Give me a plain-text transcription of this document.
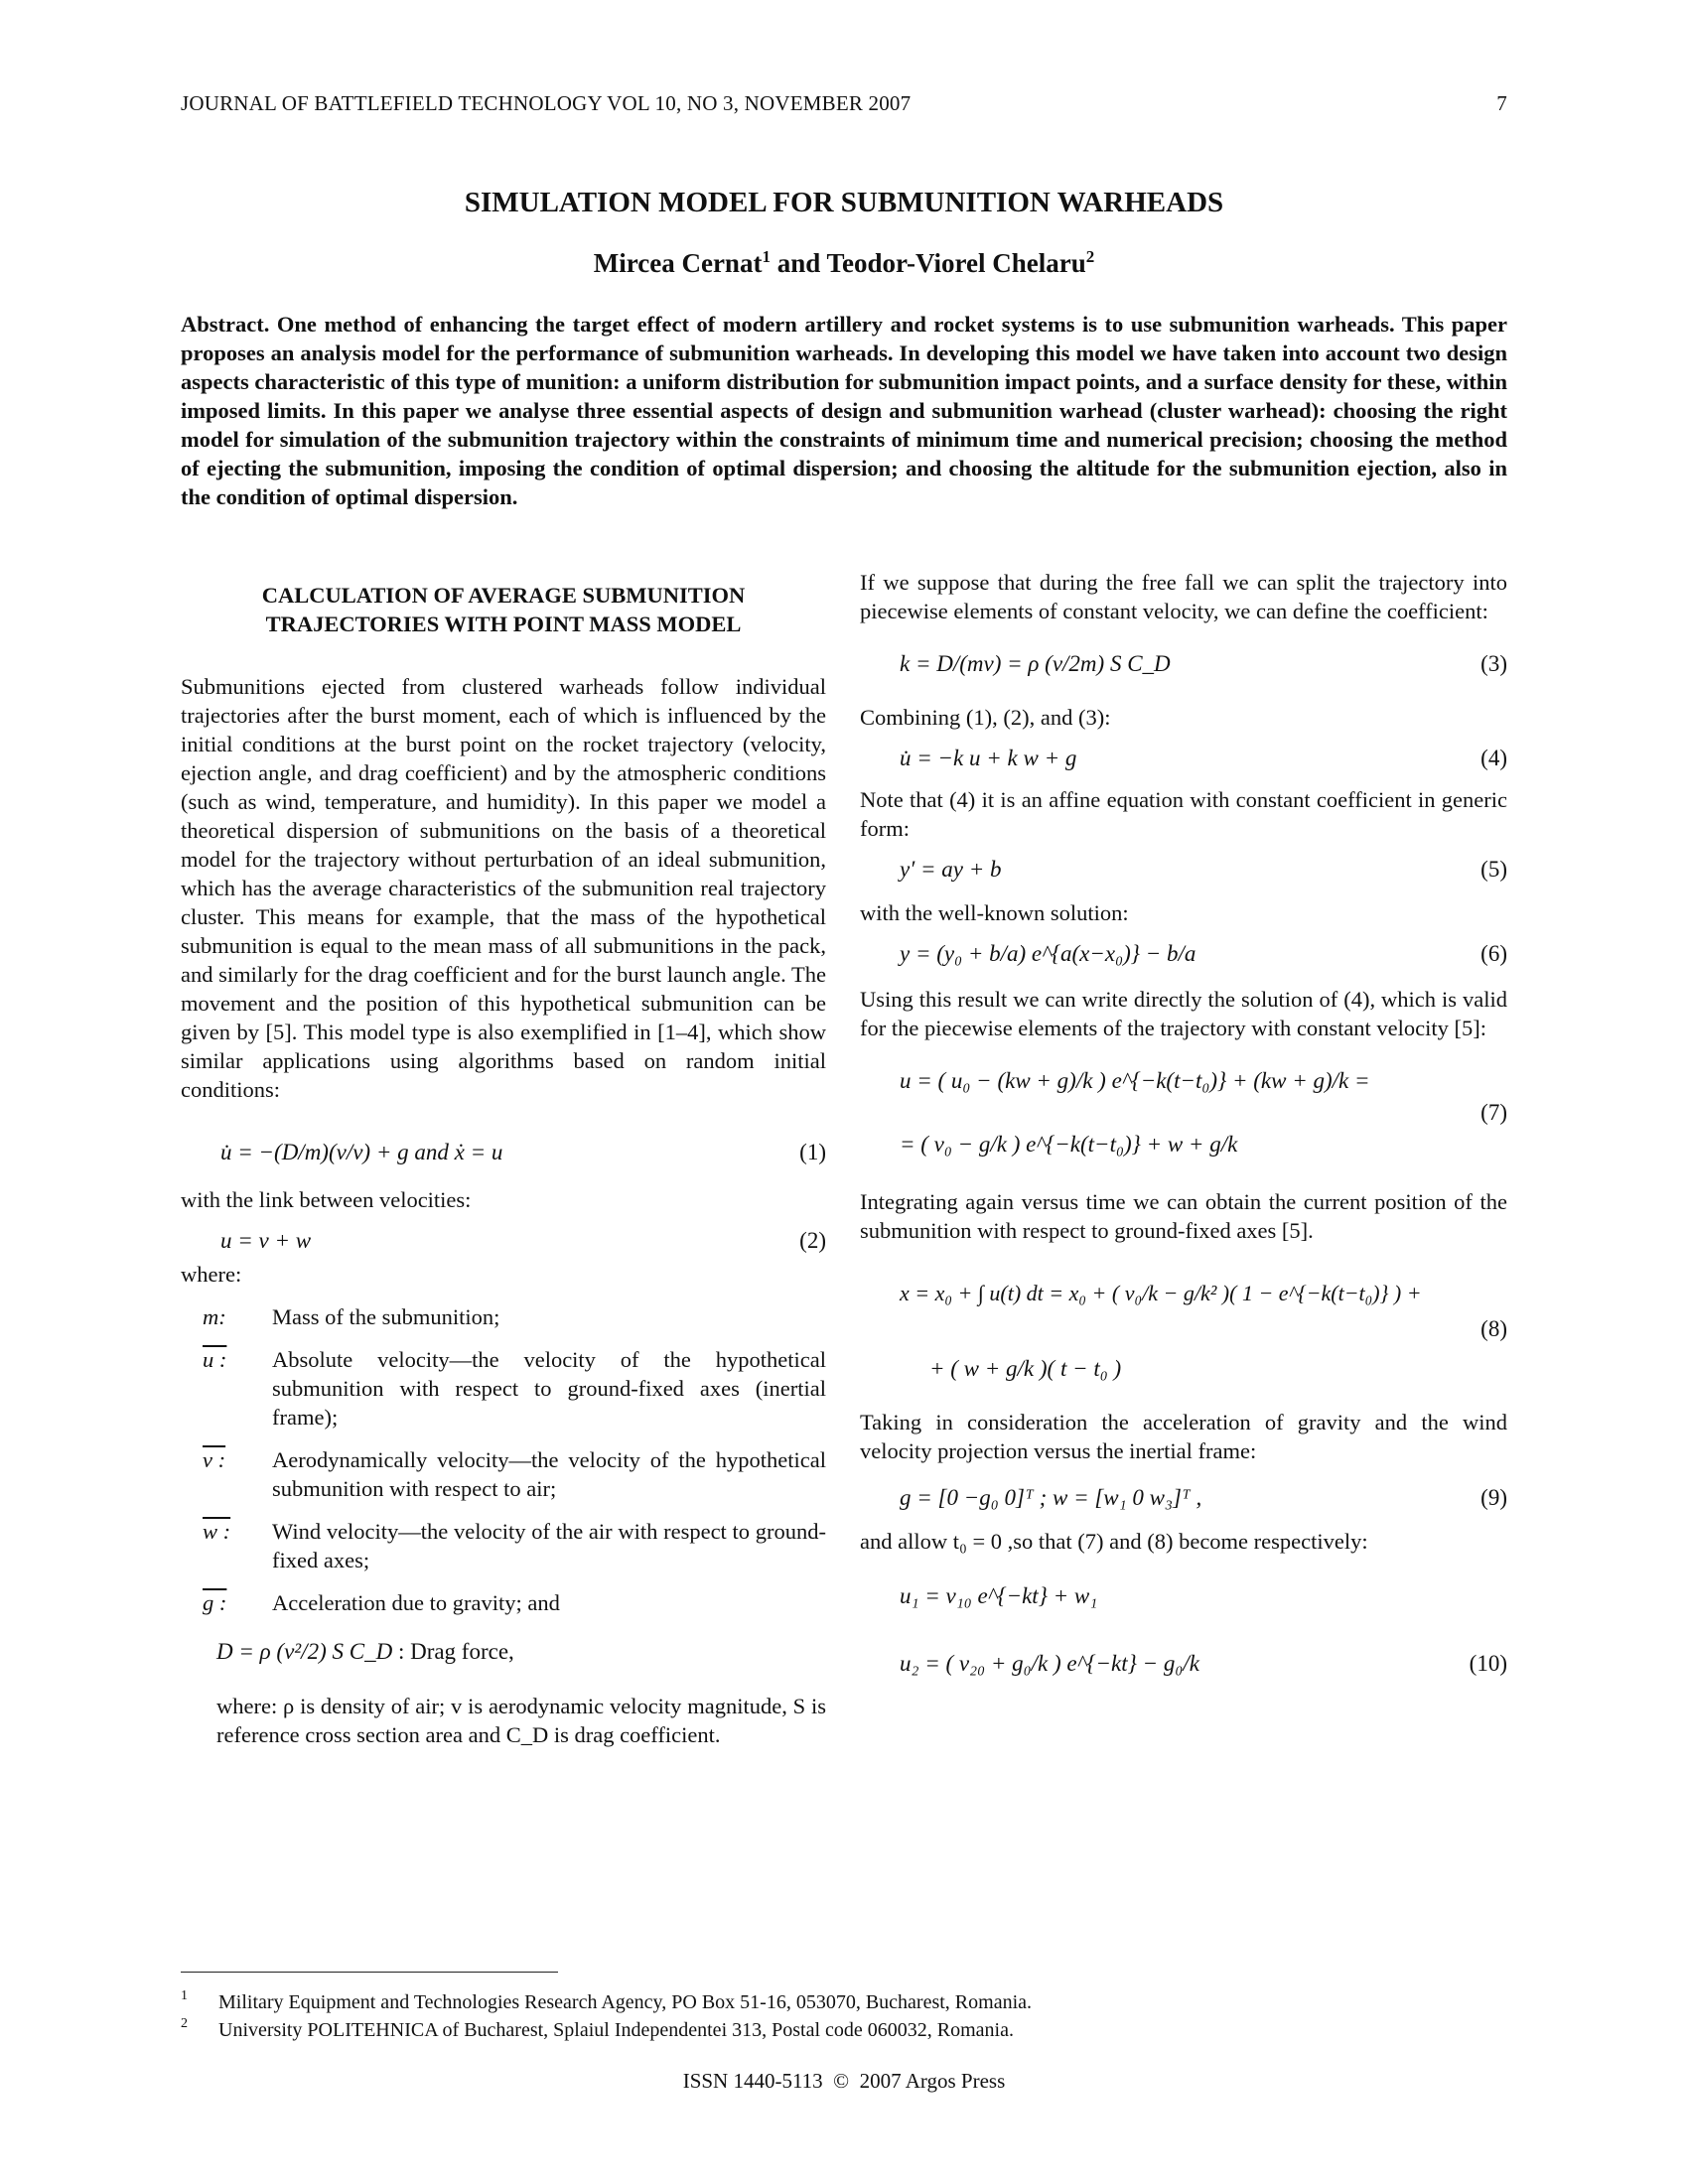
JOURNAL OF BATTLEFIELD TECHNOLOGY VOL 10, NO 3, NOVEMBER 2007	7
SIMULATION MODEL FOR SUBMUNITION WARHEADS
Mircea Cernat$^1$ and Teodor-Viorel Chelaru$^2$
Abstract. One method of enhancing the target effect of modern artillery and rocket systems is to use submunition warheads. This paper proposes an analysis model for the performance of submunition warheads. In developing this model we have taken into account two design aspects characteristic of this type of munition: a uniform distribution for submunition impact points, and a surface density for these, within imposed limits. In this paper we analyse three essential aspects of design and submunition warhead (cluster warhead): choosing the right model for simulation of the submunition trajectory within the constraints of minimum time and numerical precision; choosing the method of ejecting the submunition, imposing the condition of optimal dispersion; and choosing the altitude for the submunition ejection, also in the condition of optimal dispersion.
CALCULATION OF AVERAGE SUBMUNITION TRAJECTORIES WITH POINT MASS MODEL

Submunitions ejected from clustered warheads follow individual trajectories after the burst moment, each of which is influenced by the initial conditions at the burst point on the rocket trajectory (velocity, ejection angle, and drag coefficient) and by the atmospheric conditions (such as wind, temperature, and humidity). In this paper we model a theoretical dispersion of submunitions on the basis of a theoretical model for the trajectory without perturbation of an ideal submunition, which has the average characteristics of the submunition real trajectory cluster. This means for example, that the mass of the hypothetical submunition is equal to the mean mass of all submunitions in the pack, and similarly for the drag coefficient and for the burst launch angle. The movement and the position of this hypothetical submunition can be given by [5]. This model type is also exemplified in [1–4], which show similar applications using algorithms based on random initial conditions:

u̇ = −(D/m)(v/v) + g and ẋ = u	(1)

with the link between velocities:

u = v + w	(2)

where:

m:	Mass of the submunition;
u :	Absolute velocity—the velocity of the hypothetical submunition with respect to ground-fixed axes (inertial frame);
v :	Aerodynamically velocity—the velocity of the hypothetical submunition with respect to air;
w :	Wind velocity—the velocity of the air with respect to ground-fixed axes;
g :	Acceleration due to gravity; and
D = ρ (v²/2) S C_D : Drag force,

where: ρ is density of air; v is aerodynamic velocity magnitude, S is reference cross section area and C_D is drag coefficient.

If we suppose that during the free fall we can split the trajectory into piecewise elements of constant velocity, we can define the coefficient:

k = D/(mv) = ρ (v/2m) S C_D	(3)

Combining (1), (2), and (3):

u̇ = −k u + k w + g	(4)

Note that (4) it is an affine equation with constant coefficient in generic form:

y′ = ay + b	(5)

with the well-known solution:

y = (y₀ + b/a) e^{a(x−x₀)} − b/a	(6)

Using this result we can write directly the solution of (4), which is valid for the piecewise elements of the trajectory with constant velocity [5]:

u = ( u₀ − (kw + g)/k ) e^{−k(t−t₀)} + (kw + g)/k =
= ( v₀ − g/k ) e^{−k(t−t₀)} + w + g/k
(7)

Integrating again versus time we can obtain the current position of the submunition with respect to ground-fixed axes [5].

x = x₀ + ∫ u(t) dt = x₀ + ( v₀/k − g/k² )( 1 − e^{−k(t−t₀)} ) +
+ ( w + g/k )( t − t₀ )
(8)

Taking in consideration the acceleration of gravity and the wind velocity projection versus the inertial frame:

g = [0 −g₀ 0]ᵀ ; w = [w₁ 0 w₃]ᵀ ,	(9)

and allow t₀ = 0 ,so that (7) and (8) become respectively:

u₁ = v₁₀ e^{−kt} + w₁
u₂ = ( v₂₀ + g₀/k ) e^{−kt} − g₀/k	(10)
1 Military Equipment and Technologies Research Agency, PO Box 51-16, 053070, Bucharest, Romania.
2 University POLITEHNICA of Bucharest, Splaiul Independentei 313, Postal code 060032, Romania.
ISSN 1440-5113  ©  2007 Argos Press
